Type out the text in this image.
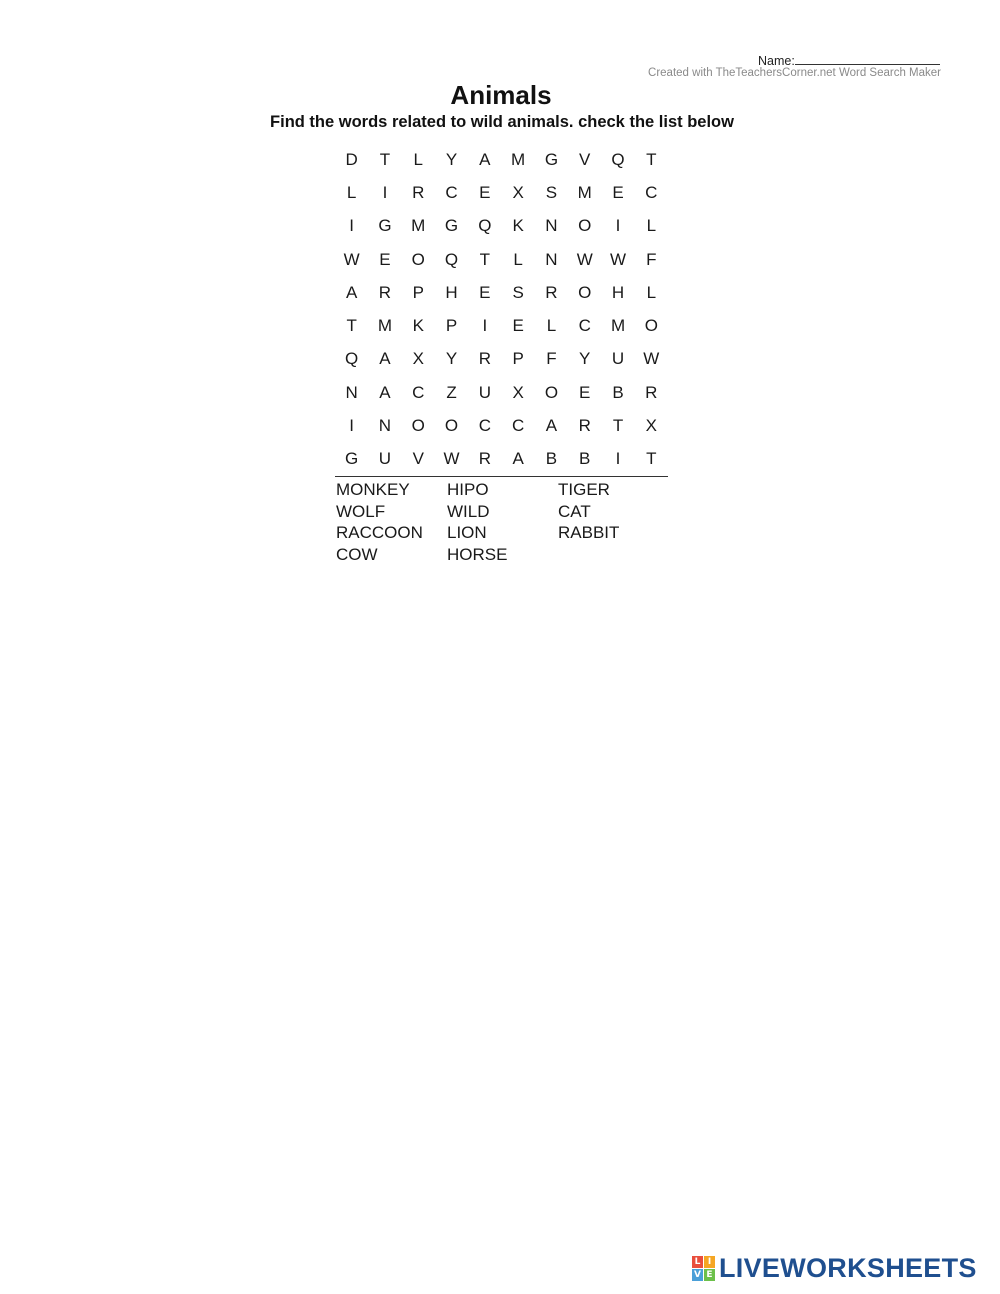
Name:
Created with TheTeachersCorner.net Word Search Maker
Animals
Find the words related to wild animals. check the list below
D	T	L	Y	A	M	G	V	Q	T
L	I	R	C	E	X	S	M	E	C
I	G	M	G	Q	K	N	O	I	L
W	E	O	Q	T	L	N	W	W	F
A	R	P	H	E	S	R	O	H	L
T	M	K	P	I	E	L	C	M	O
Q	A	X	Y	R	P	F	Y	U	W
N	A	C	Z	U	X	O	E	B	R
I	N	O	O	C	C	A	R	T	X
G	U	V	W	R	A	B	B	I	T
MONKEY	HIPO	TIGER
WOLF	WILD	CAT
RACCOON	LION	RABBIT
COW	HORSE
L I
V E LIVEWORKSHEETS
